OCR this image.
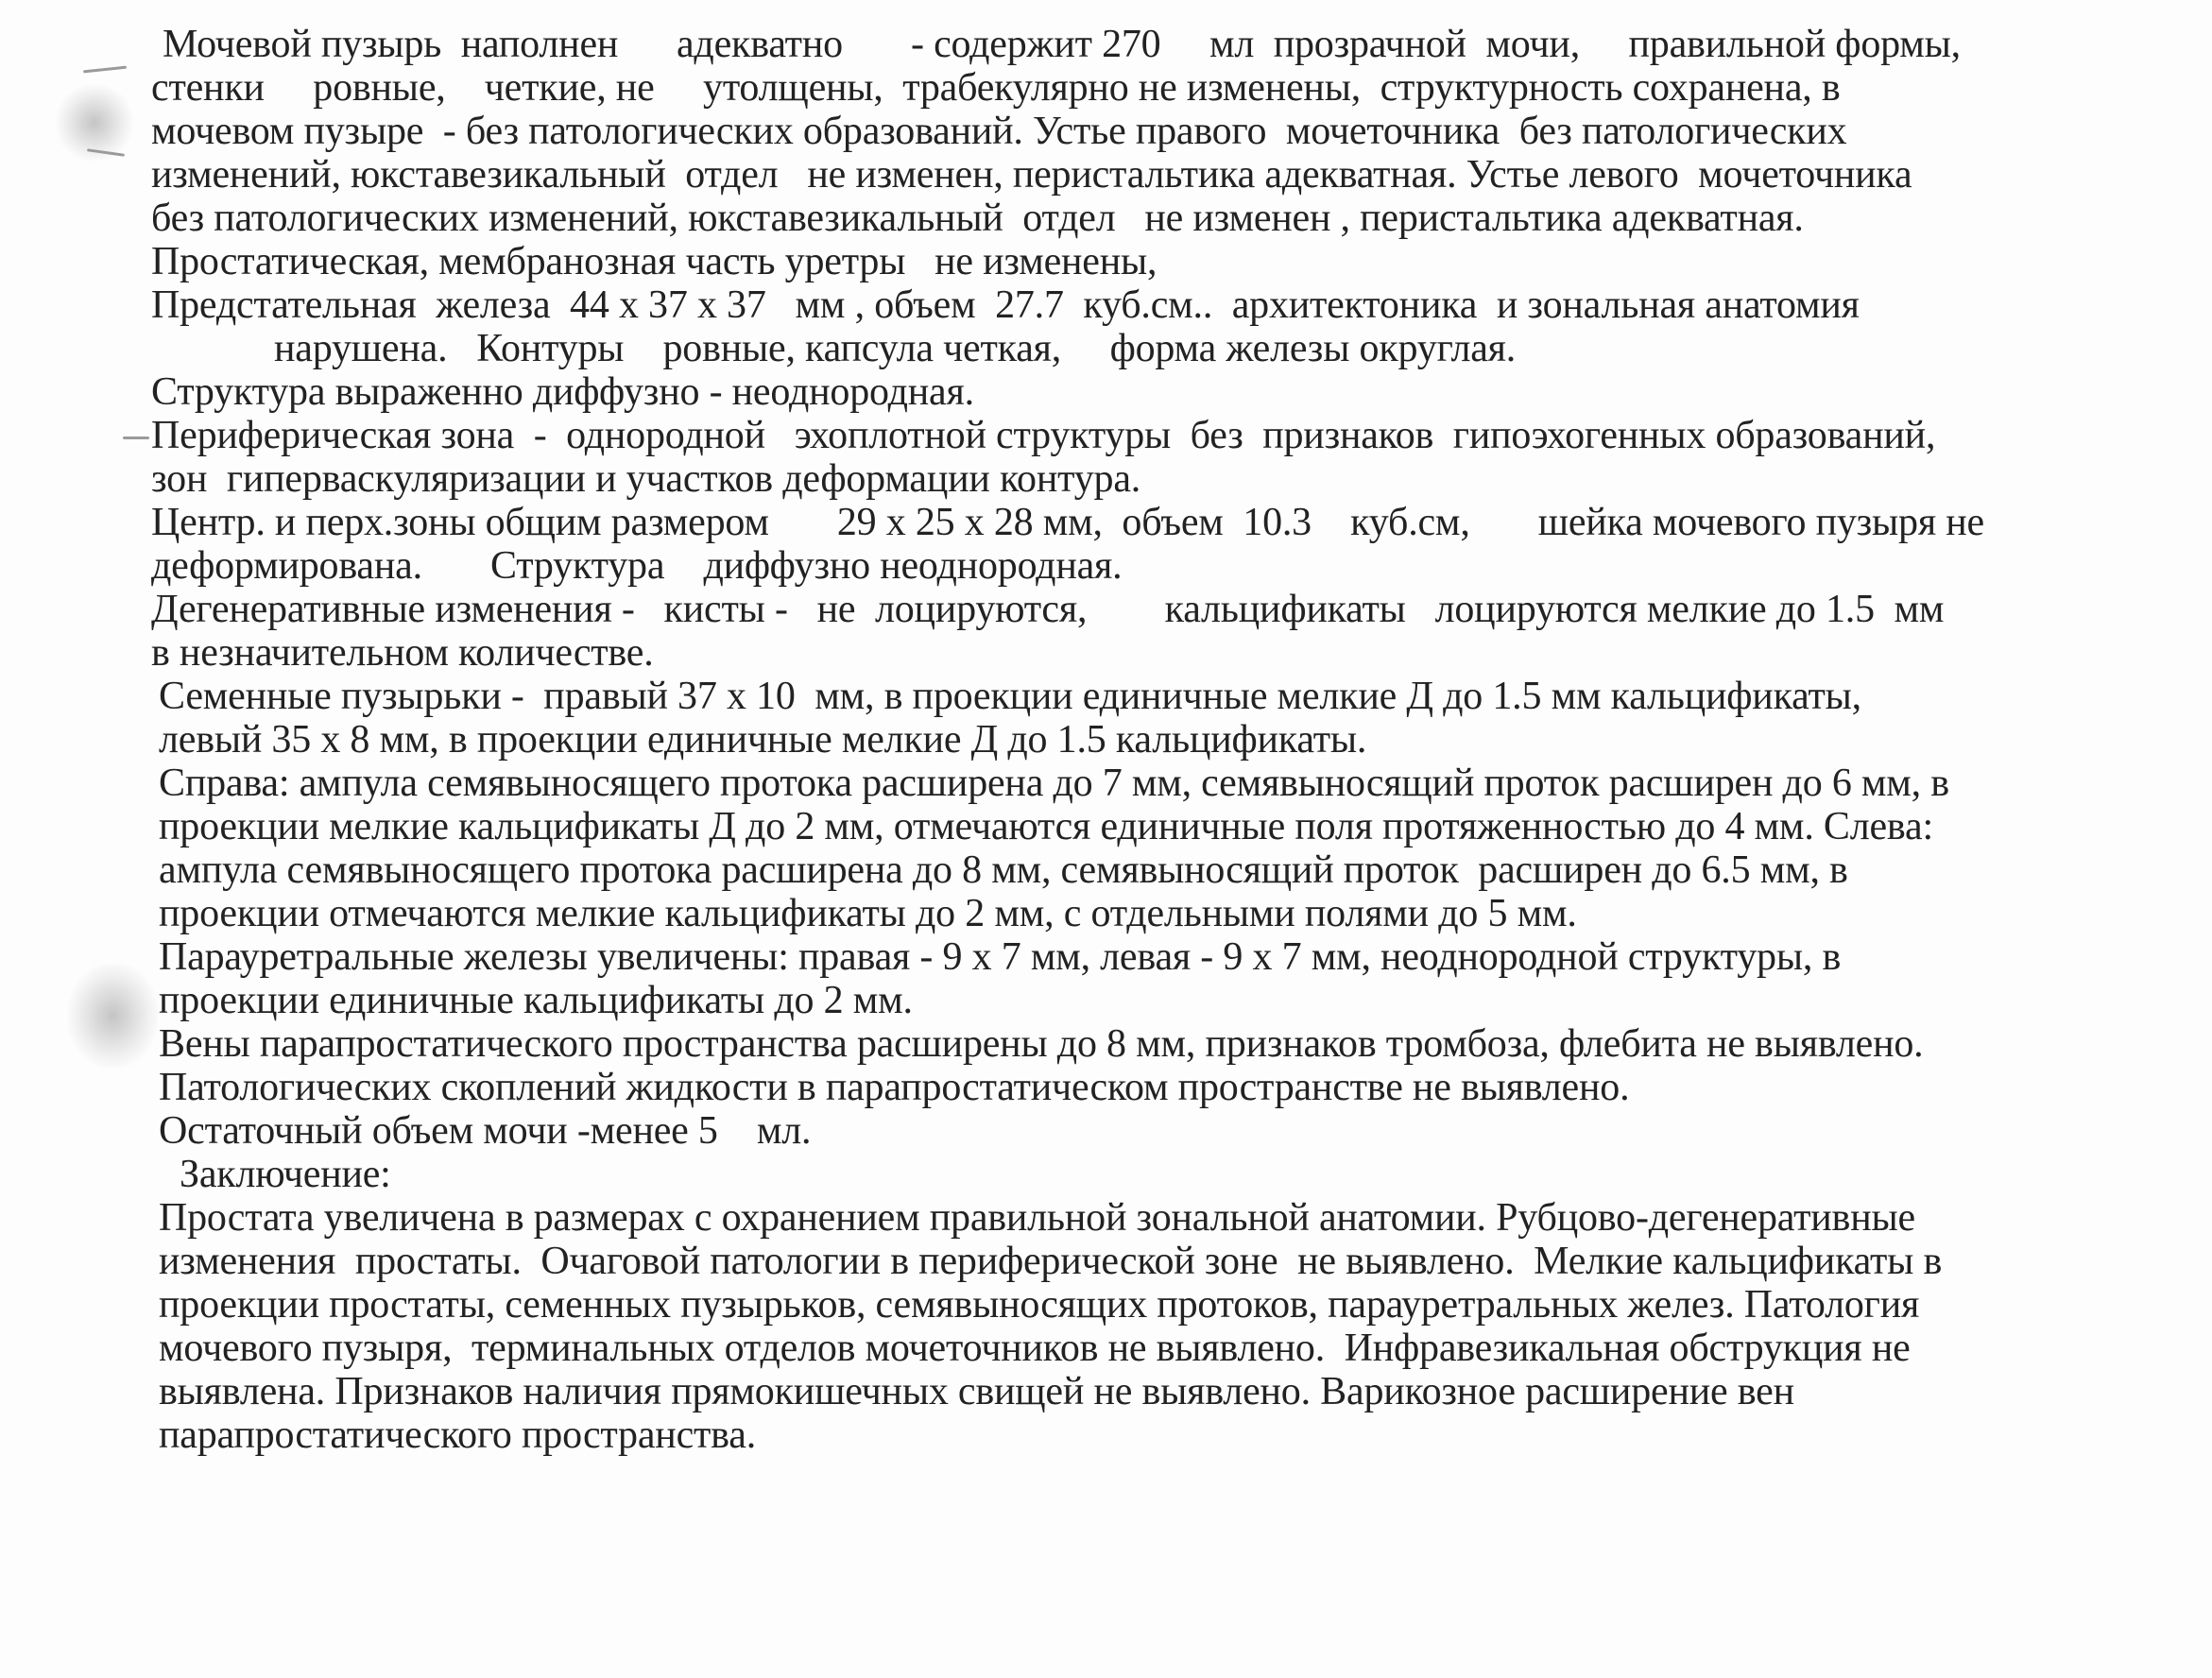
Мочевой пузырь  наполнен      адекватно       - содержит 270     мл  прозрачной  мочи,     правильной формы,
стенки     ровные,    четкие, не     утолщены,  трабекулярно не изменены,  структурность сохранена, в
мочевом пузыре  - без патологических образований. Устье правого  мочеточника  без патологических
изменений, юкставезикальный  отдел   не изменен, перистальтика адекватная. Устье левого  мочеточника
без патологических изменений, юкставезикальный  отдел   не изменен , перистальтика адекватная.
Простатическая, мембранозная часть уретры   не изменены,
Предстательная  железа  44 х 37 х 37   мм , объем  27.7  куб.см..  архитектоника  и зональная анатомия
нарушена.   Контуры    ровные, капсула четкая,     форма железы округлая.
Структура выраженно диффузно - неоднородная.
Периферическая зона  -  однородной   эхоплотной структуры  без  признаков  гипоэхогенных образований,
зон  гиперваскуляризации и участков деформации контура.
Центр. и перх.зоны общим размером       29 х 25 х 28 мм,  объем  10.3    куб.см,       шейка мочевого пузыря не
деформирована.       Структура    диффузно неоднородная.
Дегенеративные изменения -   кисты -   не  лоцируются,        кальцификаты   лоцируются мелкие до 1.5  мм
в незначительном количестве.
Семенные пузырьки -  правый 37 х 10  мм, в проекции единичные мелкие Д до 1.5 мм кальцификаты,
левый 35 х 8 мм, в проекции единичные мелкие Д до 1.5 кальцификаты.
Справа: ампула семявыносящего протока расширена до 7 мм, семявыносящий проток расширен до 6 мм, в
проекции мелкие кальцификаты Д до 2 мм, отмечаются единичные поля протяженностью до 4 мм. Слева:
ампула семявыносящего протока расширена до 8 мм, семявыносящий проток  расширен до 6.5 мм, в
проекции отмечаются мелкие кальцификаты до 2 мм, с отдельными полями до 5 мм.
Парауретральные железы увеличены: правая - 9 х 7 мм, левая - 9 х 7 мм, неоднородной структуры, в
проекции единичные кальцификаты до 2 мм.
Вены парапростатического пространства расширены до 8 мм, признаков тромбоза, флебита не выявлено.
Патологических скоплений жидкости в парапростатическом пространстве не выявлено.
Остаточный объем мочи -менее 5    мл.
Заключение:
Простата увеличена в размерах с охранением правильной зональной анатомии. Рубцово-дегенеративные
изменения  простаты.  Очаговой патологии в периферической зоне  не выявлено.  Мелкие кальцификаты в
проекции простаты, семенных пузырьков, семявыносящих протоков, парауретральных желез. Патология
мочевого пузыря,  терминальных отделов мочеточников не выявлено.  Инфравезикальная обструкция не
выявлена. Признаков наличия прямокишечных свищей не выявлено. Варикозное расширение вен
парапростатического пространства.
